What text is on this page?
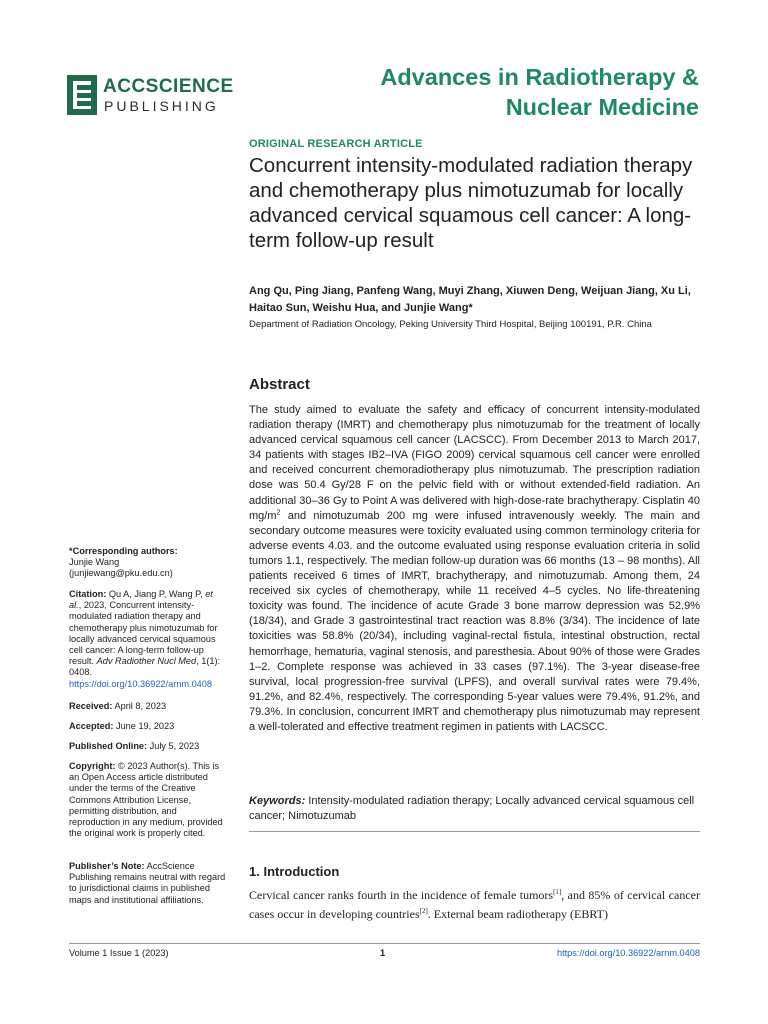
ACCSCIENCE
PUBLISHING
Advances in Radiotherapy &
Nuclear Medicine
ORIGINAL RESEARCH ARTICLE
Concurrent intensity-modulated radiation therapy and chemotherapy plus nimotuzumab for locally advanced cervical squamous cell cancer: A long-term follow-up result
Ang Qu, Ping Jiang, Panfeng Wang, Muyi Zhang, Xiuwen Deng, Weijuan Jiang, Xu Li, Haitao Sun, Weishu Hua, and Junjie Wang*
Department of Radiation Oncology, Peking University Third Hospital, Beijing 100191, P.R. China
Abstract
The study aimed to evaluate the safety and efficacy of concurrent intensity-modulated radiation therapy (IMRT) and chemotherapy plus nimotuzumab for the treatment of locally advanced cervical squamous cell cancer (LACSCC). From December 2013 to March 2017, 34 patients with stages IB2–IVA (FIGO 2009) cervical squamous cell cancer were enrolled and received concurrent chemoradiotherapy plus nimotuzumab. The prescription radiation dose was 50.4 Gy/28 F on the pelvic field with or without extended-field radiation. An additional 30–36 Gy to Point A was delivered with high-dose-rate brachytherapy. Cisplatin 40 $mg/m^2$ and nimotuzumab 200 mg were infused intravenously weekly. The main and secondary outcome measures were toxicity evaluated using common terminology criteria for adverse events 4.03. and the outcome evaluated using response evaluation criteria in solid tumors 1.1, respectively. The median follow-up duration was 66 months (13 – 98 months). All patients received 6 times of IMRT, brachytherapy, and nimotuzumab. Among them, 24 received six cycles of chemotherapy, while 11 received 4–5 cycles. No life-threatening toxicity was found. The incidence of acute Grade 3 bone marrow depression was 52.9% (18/34), and Grade 3 gastrointestinal tract reaction was 8.8% (3/34). The incidence of late toxicities was 58.8% (20/34), including vaginal-rectal fistula, intestinal obstruction, rectal hemorrhage, hematuria, vaginal stenosis, and paresthesia. About 90% of those were Grades 1–2. Complete response was achieved in 33 cases (97.1%). The 3-year disease-free survival, local progression-free survival (LPFS), and overall survival rates were 79.4%, 91.2%, and 82.4%, respectively. The corresponding 5-year values were 79.4%, 91.2%, and 79.3%. In conclusion, concurrent IMRT and chemotherapy plus nimotuzumab may represent a well-tolerated and effective treatment regimen in patients with LACSCC.
Keywords: Intensity-modulated radiation therapy; Locally advanced cervical squamous cell cancer; Nimotuzumab
1. Introduction
Cervical cancer ranks fourth in the incidence of female tumors[1], and 85% of cervical cancer cases occur in developing countries[2]. External beam radiotherapy (EBRT)
*Corresponding authors:
Junjie Wang
(junjiewang@pku.edu.cn)
Citation: Qu A, Jiang P, Wang P, et al., 2023, Concurrent intensity-modulated radiation therapy and chemotherapy plus nimotuzumab for locally advanced cervical squamous cell cancer: A long-term follow-up result. Adv Radiother Nucl Med, 1(1): 0408.
https://doi.org/10.36922/arnm.0408
Received: April 8, 2023
Accepted: June 19, 2023
Published Online: July 5, 2023
Copyright: © 2023 Author(s). This is an Open Access article distributed under the terms of the Creative Commons Attribution License, permitting distribution, and reproduction in any medium, provided the original work is properly cited.
Publisher’s Note: AccScience Publishing remains neutral with regard to jurisdictional claims in published maps and institutional affiliations.
Volume 1 Issue 1 (2023)	1	https://doi.org/10.36922/arnm.0408
